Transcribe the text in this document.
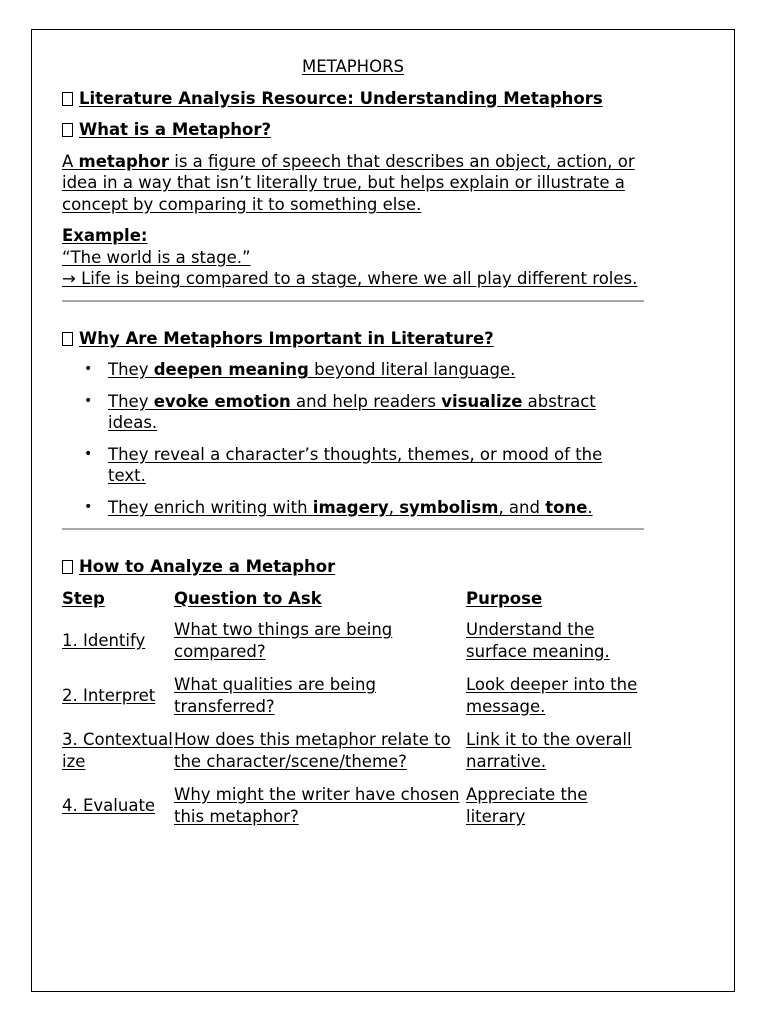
METAPHORS

Literature Analysis Resource: Understanding Metaphors

What is a Metaphor?

A metaphor is a figure of speech that describes an object, action, or idea in a way that isn’t literally true, but helps explain or illustrate a concept by comparing it to something else.

Example:
“The world is a stage.”
→ Life is being compared to a stage, where we all play different roles.

Why Are Metaphors Important in Literature?

• They deepen meaning beyond literal language.
• They evoke emotion and help readers visualize abstract ideas.
• They reveal a character’s thoughts, themes, or mood of the text.
• They enrich writing with imagery, symbolism, and tone.

How to Analyze a Metaphor

Step	Question to Ask	Purpose
1. Identify	What two things are being compared?	Understand the surface meaning.
2. Interpret	What qualities are being transferred?	Look deeper into the message.
3. Contextualize	How does this metaphor relate to the character/scene/theme?	Link it to the overall narrative.
4. Evaluate	Why might the writer have chosen this metaphor?	Appreciate the literary
